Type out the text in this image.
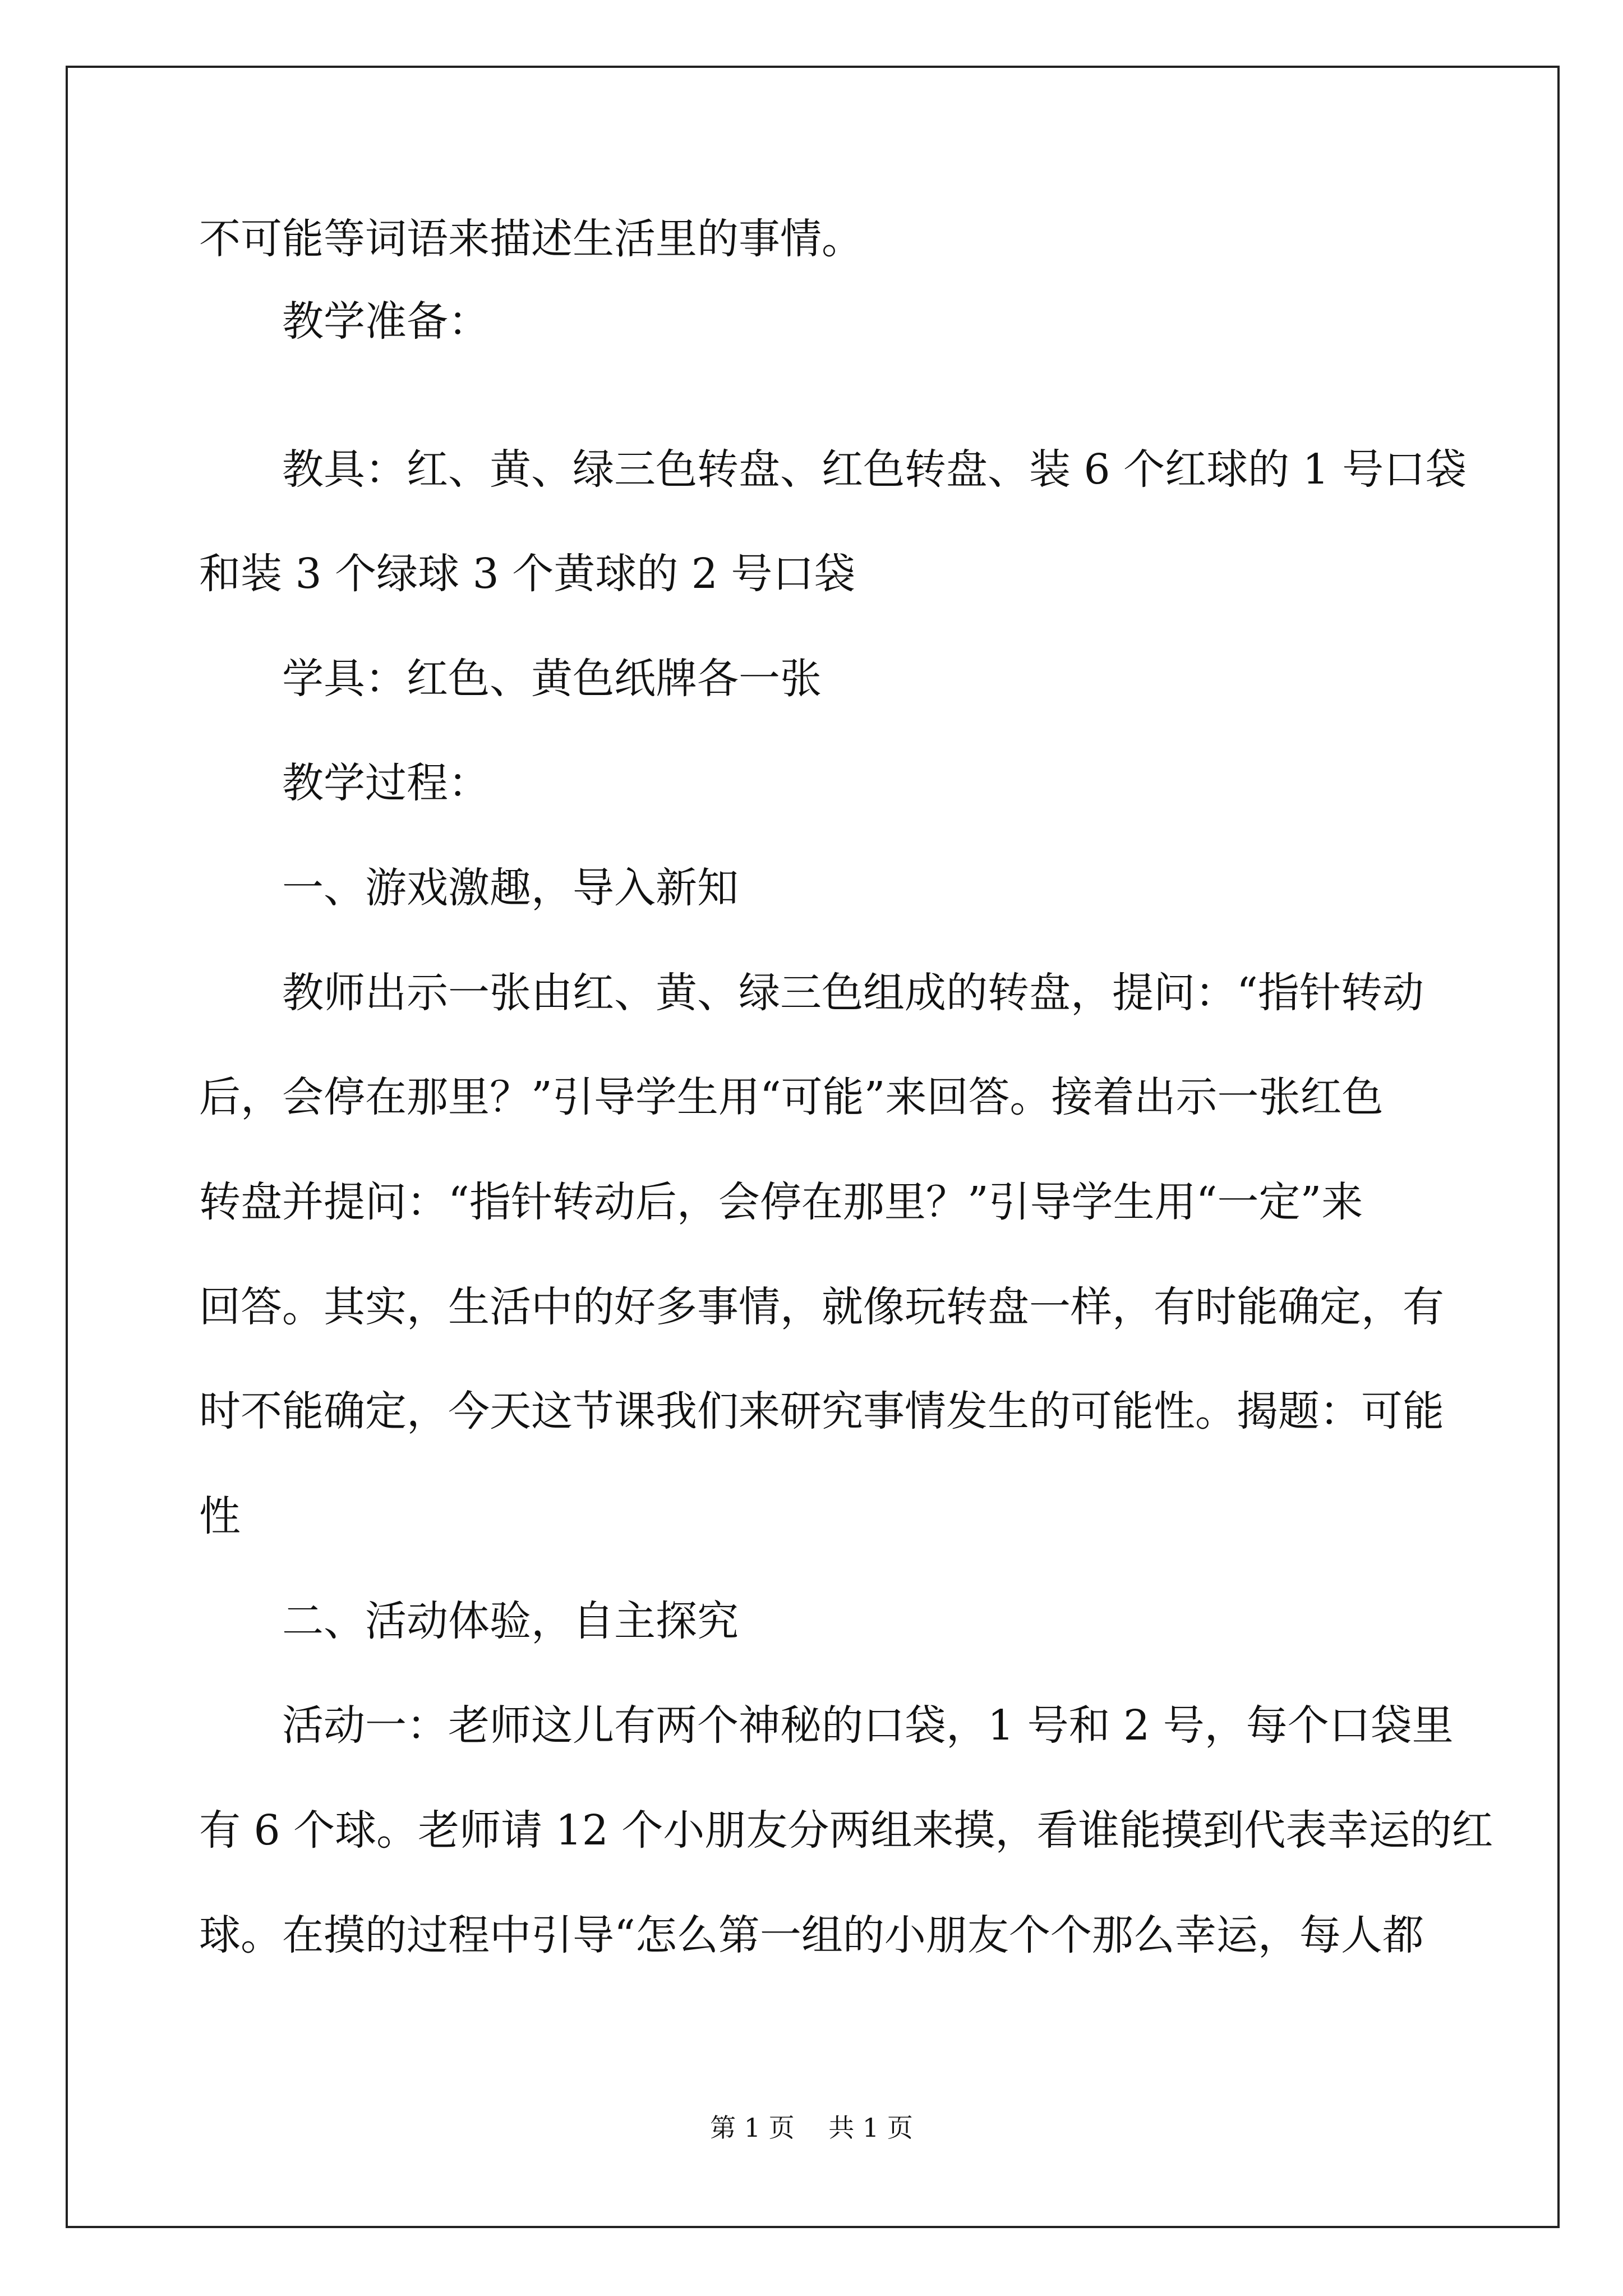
不可能等词语来描述生活里的事情。
教学准备：
教具：红、黄、绿三色转盘、红色转盘、装 6 个红球的 1 号口袋
和装 3 个绿球 3 个黄球的 2 号口袋
学具：红色、黄色纸牌各一张
教学过程：
一、游戏激趣，导入新知
教师出示一张由红、黄、绿三色组成的转盘，提问：“指针转动
后，会停在那里？”引导学生用“可能”来回答。接着出示一张红色
转盘并提问：“指针转动后，会停在那里？”引导学生用“一定”来
回答。其实，生活中的好多事情，就像玩转盘一样，有时能确定，有
时不能确定，今天这节课我们来研究事情发生的可能性。揭题：可能
性
二、活动体验，自主探究
活动一：老师这儿有两个神秘的口袋，1 号和 2 号，每个口袋里
有 6 个球。老师请 12 个小朋友分两组来摸，看谁能摸到代表幸运的红
球。在摸的过程中引导“怎么第一组的小朋友个个那么幸运，每人都
第 1 页　 共 1 页
